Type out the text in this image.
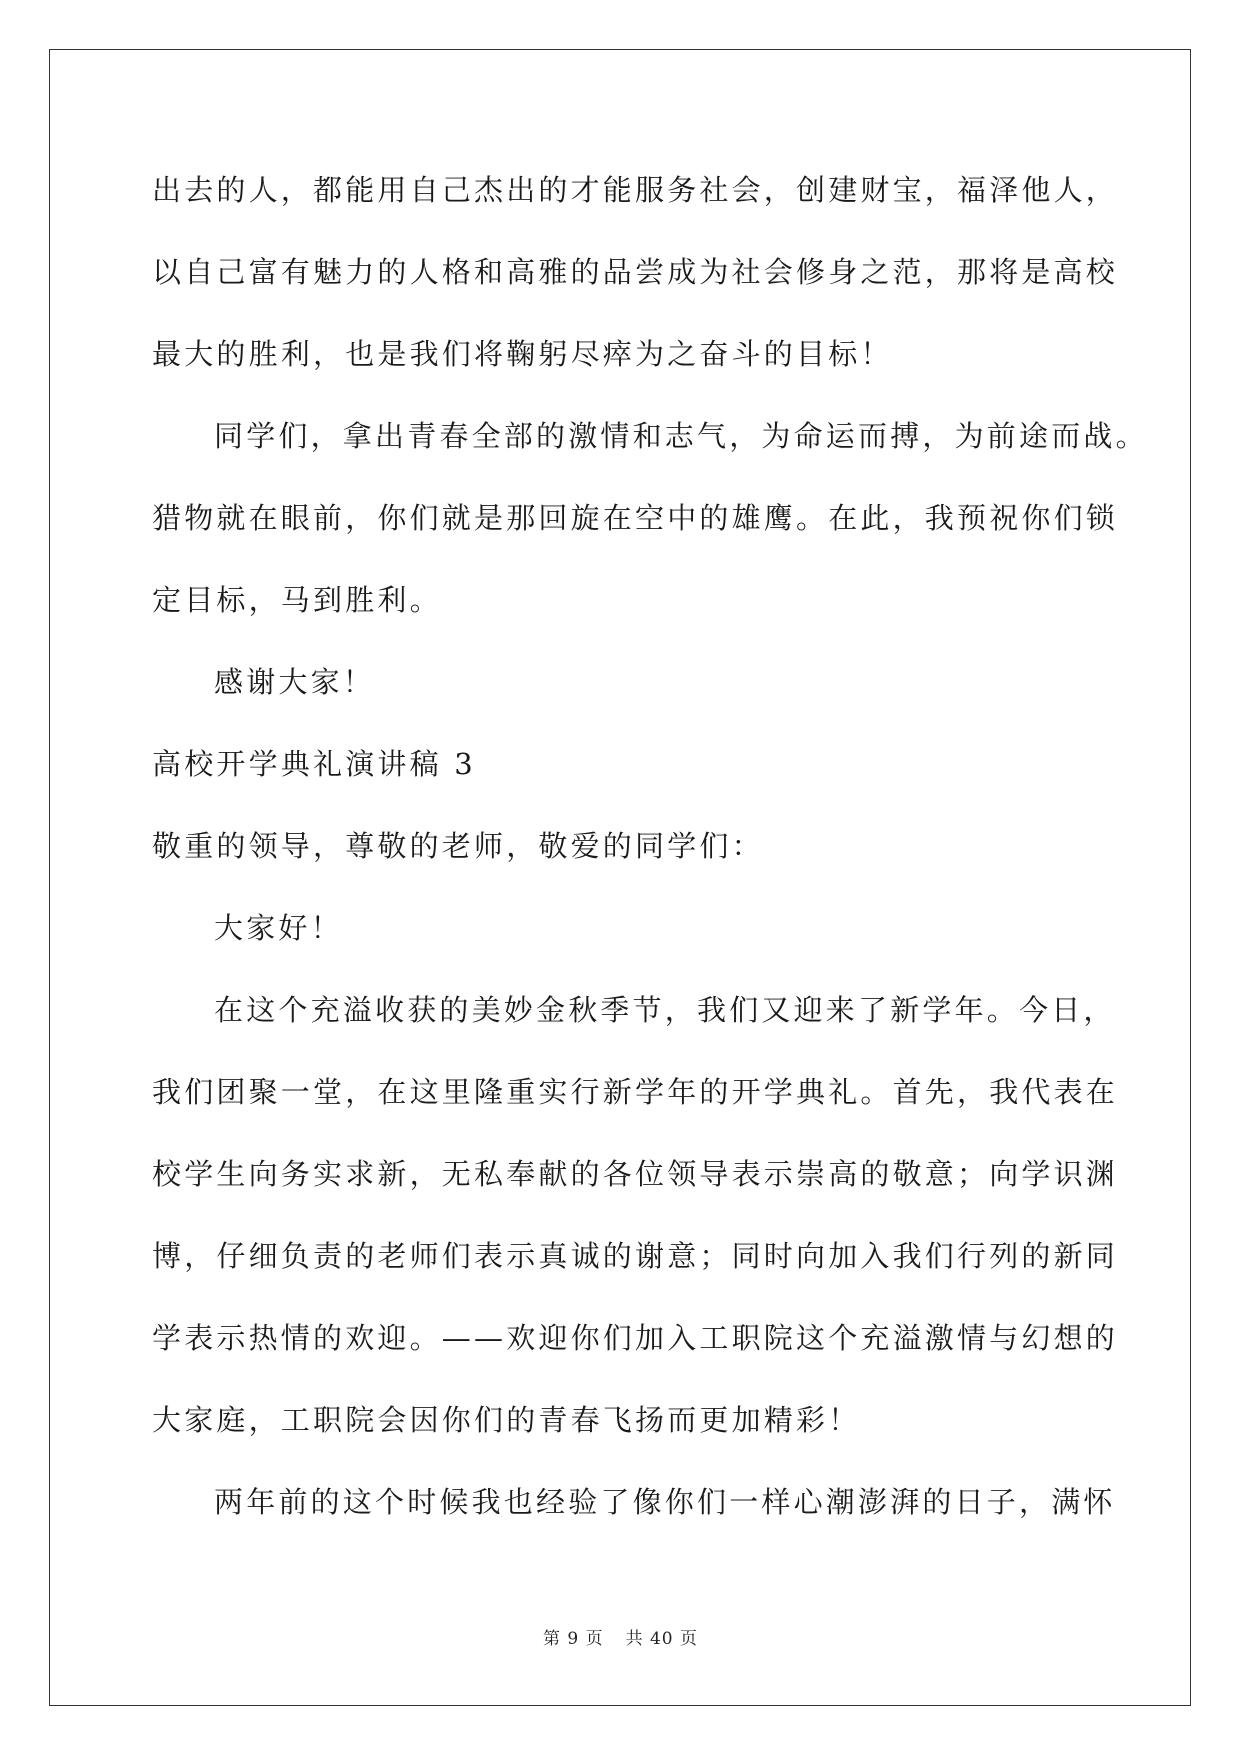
出去的人，都能用自己杰出的才能服务社会，创建财宝，福泽他人，
以自己富有魅力的人格和高雅的品尝成为社会修身之范，那将是高校
最大的胜利，也是我们将鞠躬尽瘁为之奋斗的目标！
同学们，拿出青春全部的激情和志气，为命运而搏，为前途而战。
猎物就在眼前，你们就是那回旋在空中的雄鹰。在此，我预祝你们锁
定目标，马到胜利。
感谢大家！
高校开学典礼演讲稿 3
敬重的领导，尊敬的老师，敬爱的同学们：
大家好！
在这个充溢收获的美妙金秋季节，我们又迎来了新学年。今日，
我们团聚一堂，在这里隆重实行新学年的开学典礼。首先，我代表在
校学生向务实求新，无私奉献的各位领导表示崇高的敬意；向学识渊
博，仔细负责的老师们表示真诚的谢意；同时向加入我们行列的新同
学表示热情的欢迎。——欢迎你们加入工职院这个充溢激情与幻想的
大家庭，工职院会因你们的青春飞扬而更加精彩！
两年前的这个时候我也经验了像你们一样心潮澎湃的日子，满怀
第 9 页 共 40 页
